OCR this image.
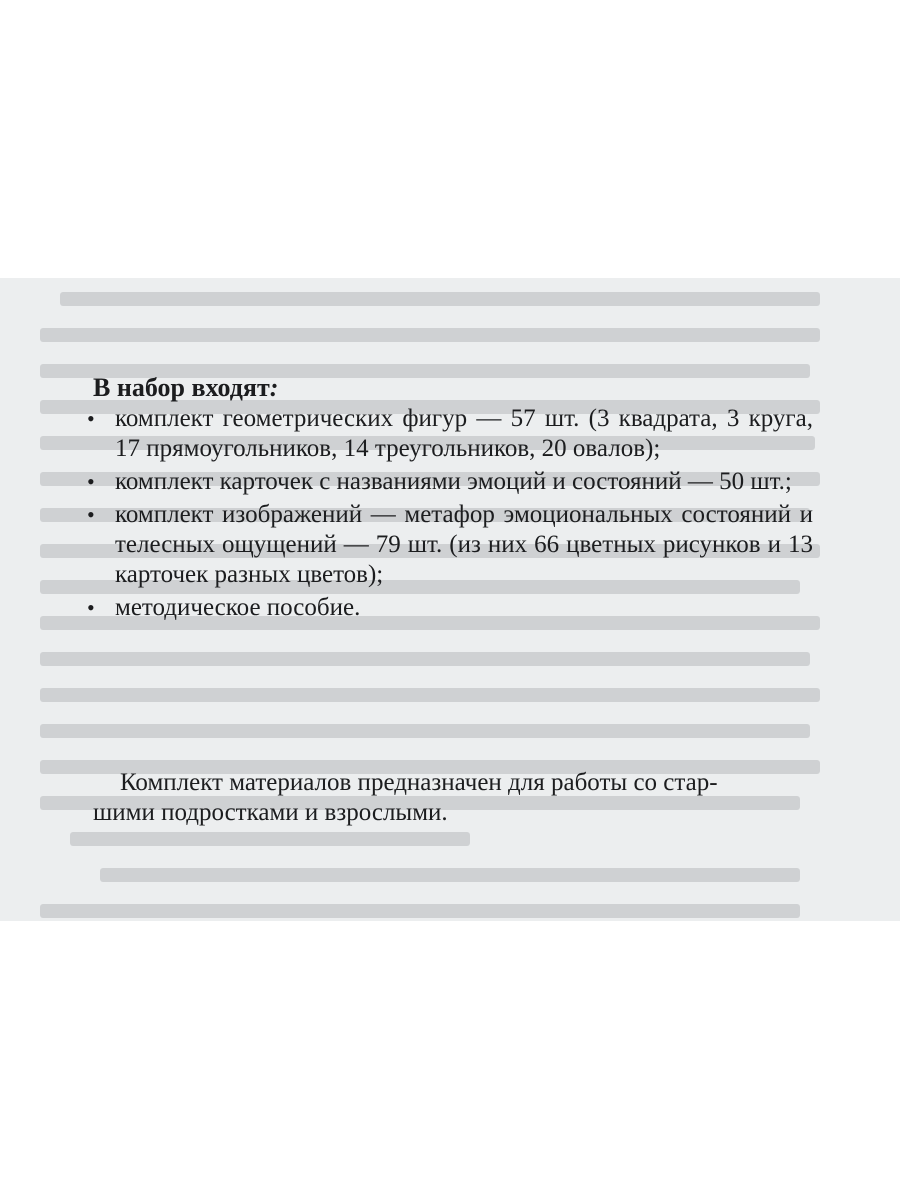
В набор входят:

• комплект геометрических фигур — 57 шт. (3 квадрата, 3 круга, 17 прямоугольников, 14 треугольников, 20 овалов);
• комплект карточек с названиями эмоций и состояний — 50 шт.;
• комплект изображений — метафор эмоциональных состояний и телесных ощущений — 79 шт. (из них 66 цветных рисунков и 13 карточек разных цветов);
• методическое пособие.

Комплект материалов предназначен для работы со стар-
шими подростками и взрослыми.
